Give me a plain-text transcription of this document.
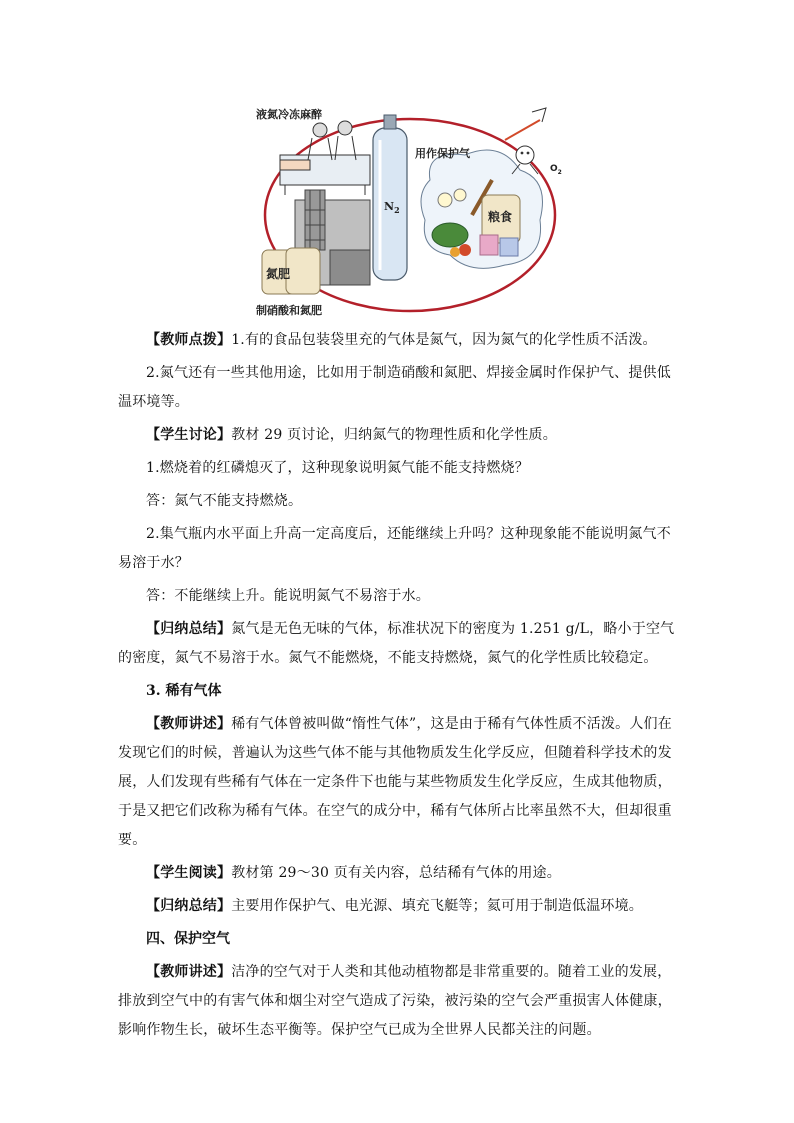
液氮冷冻麻醉
用作保护气
$N_2$
$O_2$
粮食
氮肥
制硝酸和氮肥

【教师点拨】1.有的食品包装袋里充的气体是氮气，因为氮气的化学性质不活泼。

2.氮气还有一些其他用途，比如用于制造硝酸和氮肥、焊接金属时作保护气、提供低温环境等。

【学生讨论】教材 29 页讨论，归纳氮气的物理性质和化学性质。

1.燃烧着的红磷熄灭了，这种现象说明氮气能不能支持燃烧？

答：氮气不能支持燃烧。

2.集气瓶内水平面上升高一定高度后，还能继续上升吗？这种现象能不能说明氮气不易溶于水？

答：不能继续上升。能说明氮气不易溶于水。

【归纳总结】氮气是无色无味的气体，标准状况下的密度为 1.251 g/L，略小于空气的密度，氮气不易溶于水。氮气不能燃烧，不能支持燃烧，氮气的化学性质比较稳定。

3. 稀有气体

【教师讲述】稀有气体曾被叫做“惰性气体”，这是由于稀有气体性质不活泼。人们在发现它们的时候，普遍认为这些气体不能与其他物质发生化学反应，但随着科学技术的发展，人们发现有些稀有气体在一定条件下也能与某些物质发生化学反应，生成其他物质，于是又把它们改称为稀有气体。在空气的成分中，稀有气体所占比率虽然不大，但却很重要。

【学生阅读】教材第 29～30 页有关内容，总结稀有气体的用途。

【归纳总结】主要用作保护气、电光源、填充飞艇等；氦可用于制造低温环境。

四、保护空气

【教师讲述】洁净的空气对于人类和其他动植物都是非常重要的。随着工业的发展，排放到空气中的有害气体和烟尘对空气造成了污染，被污染的空气会严重损害人体健康，影响作物生长，破坏生态平衡等。保护空气已成为全世界人民都关注的问题。
